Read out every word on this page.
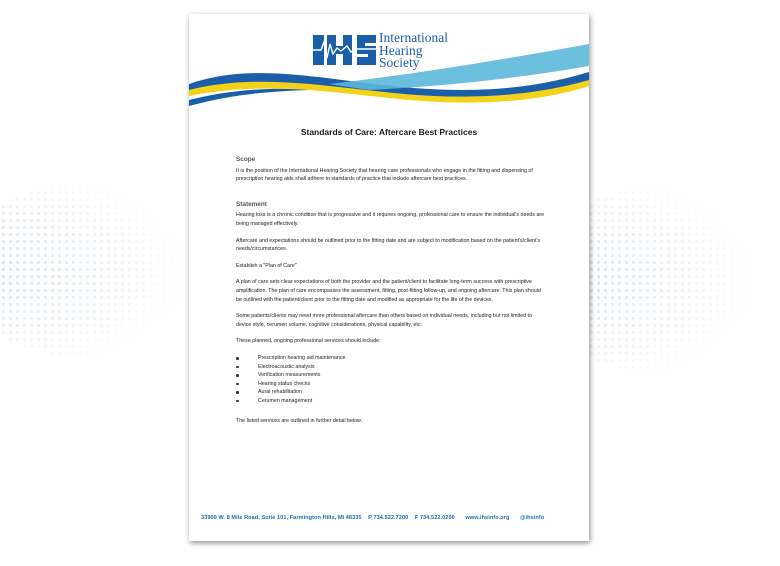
International
Hearing
Society
Standards of Care: Aftercare Best Practices
Scope
It is the position of the International Hearing Society that hearing care professionals who engage in the fitting and dispensing of prescription hearing aids shall adhere to standards of practice that include aftercare best practices.
Statement
Hearing loss is a chronic condition that is progressive and it requires ongoing, professional care to ensure the individual's needs are being managed effectively.
Aftercare and expectations should be outlined prior to the fitting date and are subject to modification based on the patient's/client's needs/circumstances.
Establish a "Plan of Care"
A plan of care sets clear expectations of both the provider and the patient/client to facilitate long-term success with prescriptive amplification. The plan of care encompasses the assessment, fitting, post-fitting follow-up, and ongoing aftercare. This plan should be outlined with the patient/client prior to the fitting date and modified as appropriate for the life of the devices.
Some patients/clients may need more professional aftercare than others based on individual needs, including but not limited to device style, cerumen volume, cognitive considerations, physical capability, etc.
These planned, ongoing professional services should include:
Prescription hearing aid maintenance
Electroacoustic analysis
Verification measurements
Hearing status checks
Aural rehabilitation
Cerumen management
The listed services are outlined in further detail below.
33900 W. 8 Mile Road, Suite 101, Farmington Hills, MI 48335 P 734.522.7200 F 734.522.0200 www.ihsinfo.org @ihsinfo
